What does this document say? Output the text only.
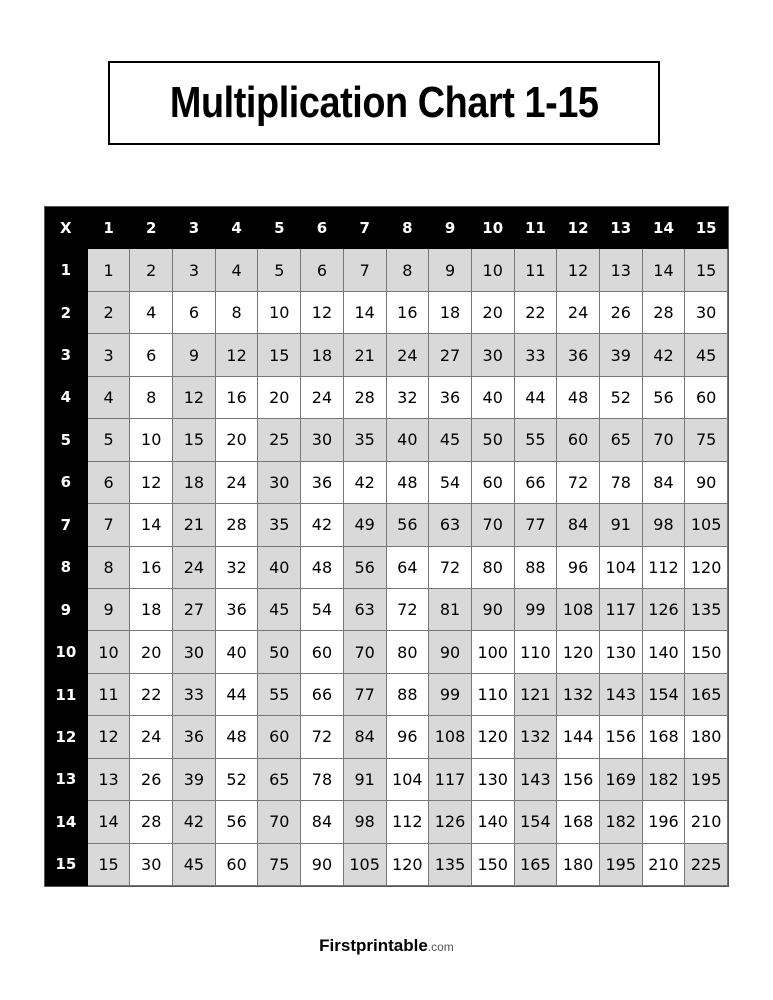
Multiplication Chart 1-15
X	1	2	3	4	5	6	7	8	9	10	11	12	13	14	15
1	1	2	3	4	5	6	7	8	9	10	11	12	13	14	15
2	2	4	6	8	10	12	14	16	18	20	22	24	26	28	30
3	3	6	9	12	15	18	21	24	27	30	33	36	39	42	45
4	4	8	12	16	20	24	28	32	36	40	44	48	52	56	60
5	5	10	15	20	25	30	35	40	45	50	55	60	65	70	75
6	6	12	18	24	30	36	42	48	54	60	66	72	78	84	90
7	7	14	21	28	35	42	49	56	63	70	77	84	91	98	105
8	8	16	24	32	40	48	56	64	72	80	88	96	104 112 120
9	9	18	27	36	45	54	63	72	81	90	99	108 117 126 135
10	10	20	30	40	50	60	70	80	90	100 110 120 130 140 150
11	11	22	33	44	55	66	77	88	99	110 121 132 143 154 165
12	12	24	36	48	60	72	84	96	108 120 132 144 156 168 180
13	13	26	39	52	65	78	91	104 117 130 143 156 169 182 195
14	14	28	42	56	70	84	98	112 126 140 154 168 182 196 210
15	15	30	45	60	75	90	105 120 135 150 165 180 195 210 225
Firstprintable.com
